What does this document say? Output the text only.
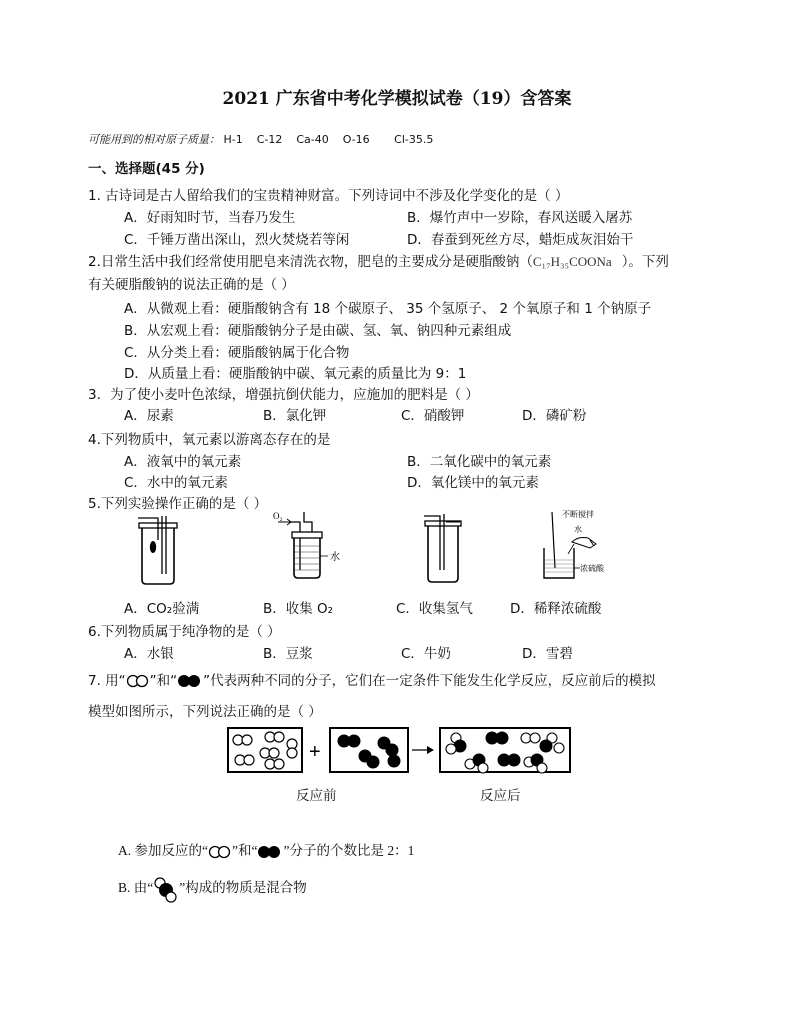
2021 广东省中考化学模拟试卷（19）含答案
可能用到的相对原子质量： H-1    C-12    Ca-40    O-16       Cl-35.5
一、选择题(45 分)
1. 古诗词是古人留给我们的宝贵精神财富。下列诗词中不涉及化学变化的是（ ）
A．好雨知时节，当春乃发生	B．爆竹声中一岁除，春风送暖入屠苏
C．千锤万凿出深山，烈火焚烧若等闲	D．春蚕到死丝方尽，蜡炬成灰泪始干
2.日常生活中我们经常使用肥皂来清洗衣物，肥皂的主要成分是硬脂酸钠（C₁₇H₃₅COONa ）。下列
有关硬脂酸钠的说法正确的是（ ）
A．从微观上看：硬脂酸钠含有 18 个碳原子、 35 个氢原子、 2 个氧原子和 1 个钠原子
B．从宏观上看：硬脂酸钠分子是由碳、氢、氧、钠四种元素组成
C．从分类上看：硬脂酸钠属于化合物
D．从质量上看：硬脂酸钠中碳、氧元素的质量比为 9：1
3．为了使小麦叶色浓绿，增强抗倒伏能力，应施加的肥料是（ ）
A．尿素	B．氯化钾	C．硝酸钾	D．磷矿粉
4.下列物质中，氧元素以游离态存在的是
A．液氧中的氧元素	B．二氧化碳中的氧元素
C．水中的氧元素	D．氧化镁中的氧元素
5.下列实验操作正确的是（ ）
O₂
水
不断搅拌
水
浓硫酸
A．CO₂验满	B．收集 O₂	C．收集氢气	D．稀释浓硫酸
6.下列物质属于纯净物的是（ ）
A．水银	B．豆浆	C．牛奶	D．雪碧
7. 用“ ”和“ ”代表两种不同的分子，它们在一定条件下能发生化学反应，反应前后的模拟
模型如图所示，下列说法正确的是（ ）
+
反应前	反应后
A. 参加反应的“ ”和“ ”分子的个数比是 2：1
B. 由“ ”构成的物质是混合物
